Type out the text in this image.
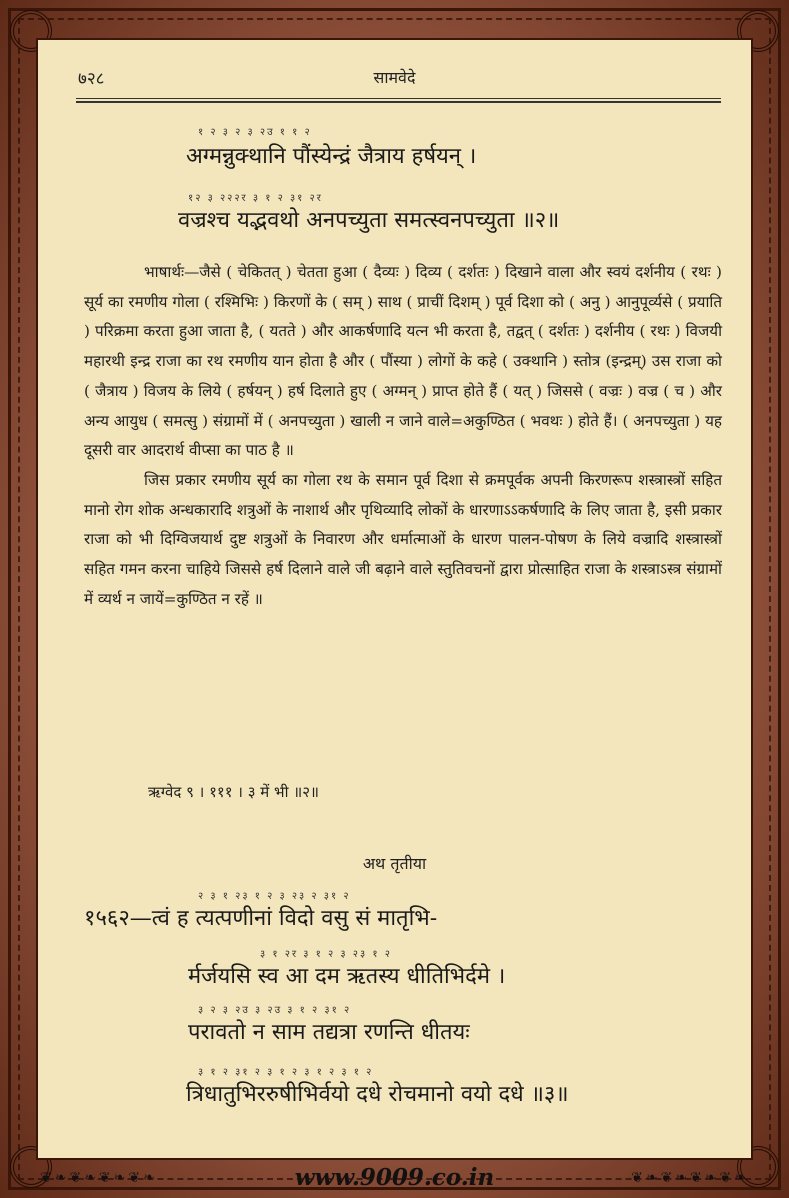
❦❧❦❧❦❧❦❧	❦❧❦❧❦❧❦❧
www.9009.co.in
७२८	सामवेदे
१ २ ३ २ ३ २उ १ १ २
अग्मन्नुक्थानि पौंस्येन्द्रं जैत्राय हर्षयन् ।
१२ ३ २२२र ३ १ २ ३१ २र
वज्रश्च यद्भवथो अनपच्युता समत्स्वनपच्युता ॥२॥

भाषार्थः—जैसे ( चेकितत् ) चेतता हुआ ( दैव्यः ) दिव्य ( दर्शतः ) दिखाने वाला और स्वयं दर्शनीय ( रथः ) सूर्य का रमणीय गोला ( रश्मिभिः ) किरणों के ( सम् ) साथ ( प्राचीं दिशम् ) पूर्व दिशा को ( अनु ) आनुपूर्व्यसे ( प्रयाति ) परिक्रमा करता हुआ जाता है, ( यतते ) और आकर्षणादि यत्न भी करता है, तद्वत् ( दर्शतः ) दर्शनीय ( रथः ) विजयी महारथी इन्द्र राजा का रथ रमणीय यान होता है और ( पौंस्या ) लोगों के कहे ( उक्थानि ) स्तोत्र (इन्द्रम्) उस राजा को ( जैत्राय ) विजय के लिये ( हर्षयन् ) हर्ष दिलाते हुए ( अग्मन् ) प्राप्त होते हैं ( यत् ) जिससे ( वज्रः ) वज्र ( च ) और अन्य आयुध ( समत्सु ) संग्रामों में ( अनपच्युता ) खाली न जाने वाले=अकुण्ठित ( भवथः ) होते हैं। ( अनपच्युता ) यह दूसरी वार आदरार्थ वीप्सा का पाठ है ॥

जिस प्रकार रमणीय सूर्य का गोला रथ के समान पूर्व दिशा से क्रमपूर्वक अपनी किरणरूप शस्त्रास्त्रों सहित मानो रोग शोक अन्धकारादि शत्रुओं के नाशार्थ और पृथिव्यादि लोकों के धारणाऽऽकर्षणादि के लिए जाता है, इसी प्रकार राजा को भी दिग्विजयार्थ दुष्ट शत्रुओं के निवारण और धर्मात्माओं के धारण पालन-पोषण के लिये वज्रादि शस्त्रास्त्रों सहित गमन करना चाहिये जिससे हर्ष दिलाने वाले जी बढ़ाने वाले स्तुतिवचनों द्वारा प्रोत्साहित राजा के शस्त्राऽस्त्र संग्रामों में व्यर्थ न जायें=कुण्ठित न रहें ॥

ऋग्वेद ९ । १११ । ३ में भी ॥२॥
अथ तृतीया
२ ३ १ २३ १ २ ३ २३ २ ३१ २
१५६२—त्वं ह त्यत्पणीनां विदो वसु सं मातृभि-
३ १ २र ३ १ २ ३ २३ १ २
र्मर्जयसि स्व आ दम ऋतस्य धीतिभिर्दमे ।
३ २ ३ २उ ३ २उ ३ १ २ ३१ २
परावतो न साम तद्यत्रा रणन्ति धीतयः
३ १ २ ३१ २ ३ १ २ ३ १ २ ३ १ २
त्रिधातुभिररुषीभिर्वयो दधे रोचमानो वयो दधे ॥३॥
